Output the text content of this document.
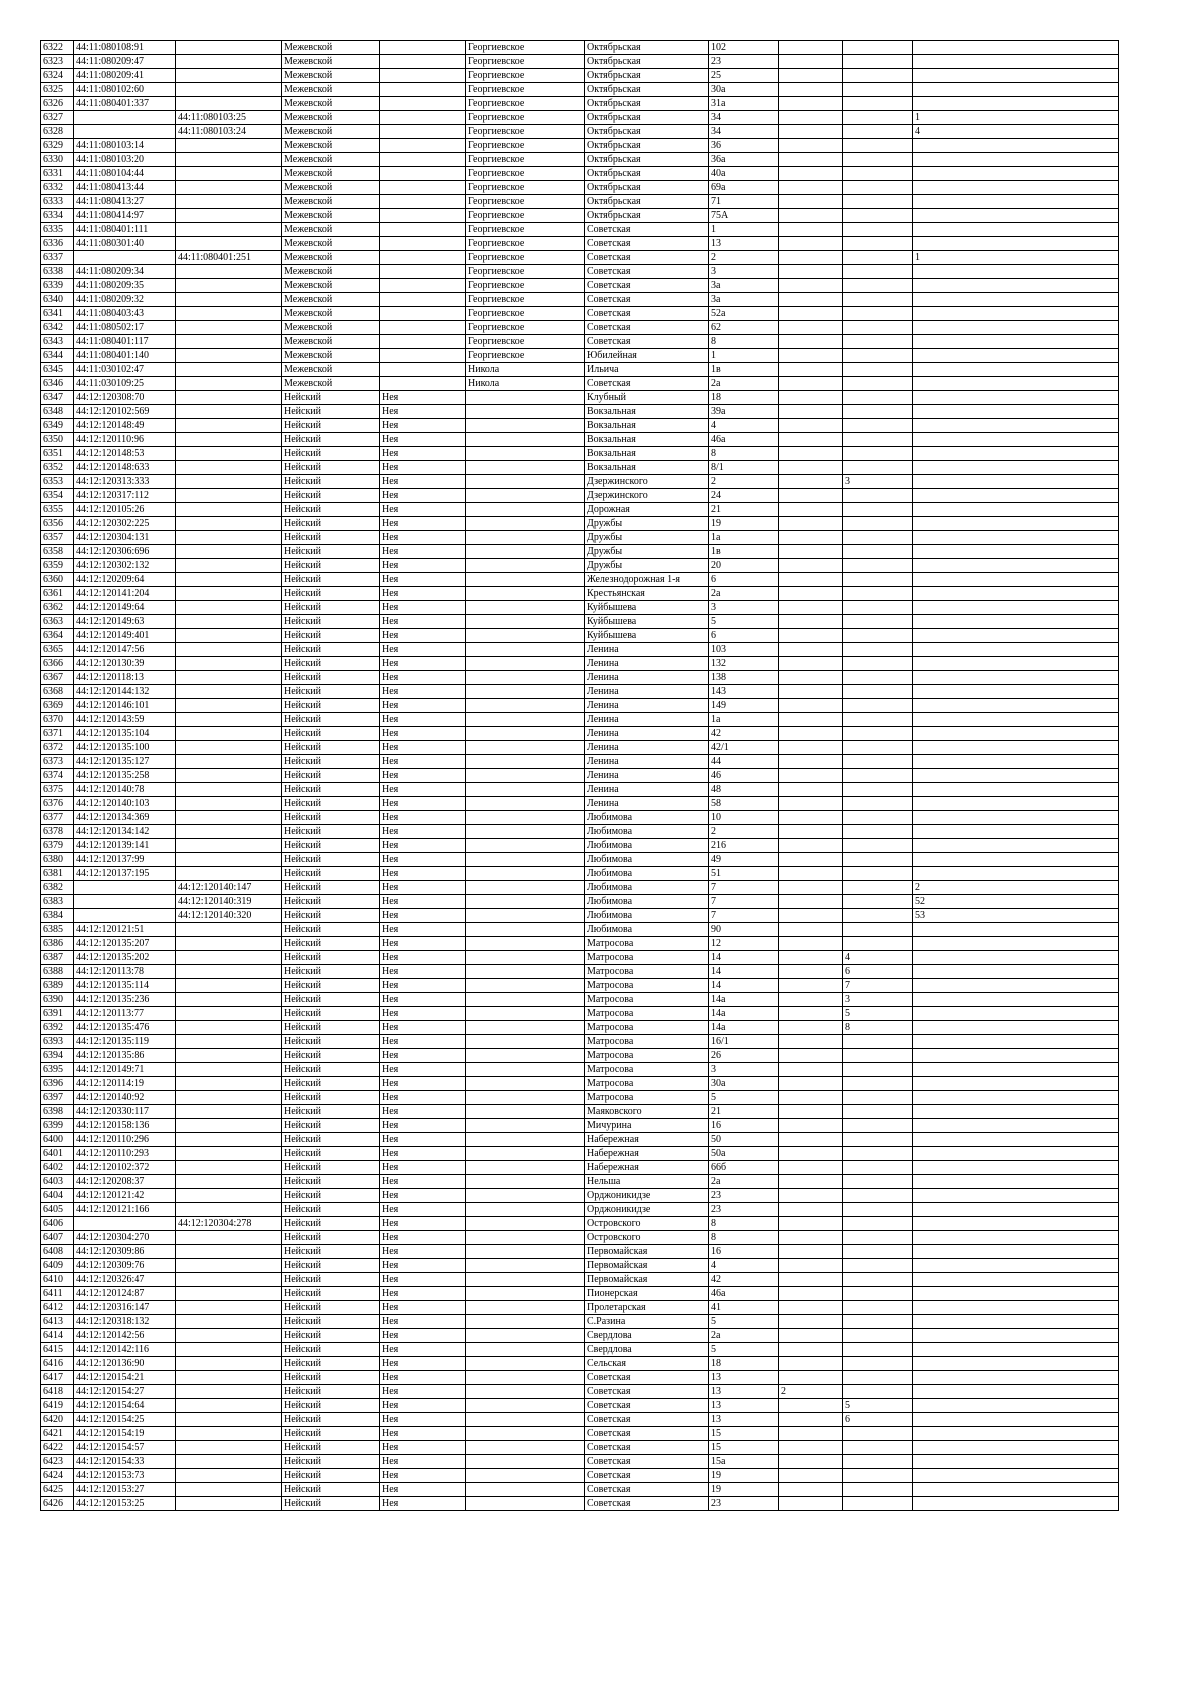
6322	44:11:080108:91		Межевской		Георгиевское	Октябрьская	102			
6323	44:11:080209:47		Межевской		Георгиевское	Октябрьская	23			
6324	44:11:080209:41		Межевской		Георгиевское	Октябрьская	25			
6325	44:11:080102:60		Межевской		Георгиевское	Октябрьская	30а			
6326	44:11:080401:337		Межевской		Георгиевское	Октябрьская	31а			
6327		44:11:080103:25	Межевской		Георгиевское	Октябрьская	34			1
6328		44:11:080103:24	Межевской		Георгиевское	Октябрьская	34			4
6329	44:11:080103:14		Межевской		Георгиевское	Октябрьская	36			
6330	44:11:080103:20		Межевской		Георгиевское	Октябрьская	36а			
6331	44:11:080104:44		Межевской		Георгиевское	Октябрьская	40а			
6332	44:11:080413:44		Межевской		Георгиевское	Октябрьская	69а			
6333	44:11:080413:27		Межевской		Георгиевское	Октябрьская	71			
6334	44:11:080414:97		Межевской		Георгиевское	Октябрьская	75А			
6335	44:11:080401:111		Межевской		Георгиевское	Советская	1			
6336	44:11:080301:40		Межевской		Георгиевское	Советская	13			
6337		44:11:080401:251	Межевской		Георгиевское	Советская	2			1
6338	44:11:080209:34		Межевской		Георгиевское	Советская	3			
6339	44:11:080209:35		Межевской		Георгиевское	Советская	3а			
6340	44:11:080209:32		Межевской		Георгиевское	Советская	3а			
6341	44:11:080403:43		Межевской		Георгиевское	Советская	52а			
6342	44:11:080502:17		Межевской		Георгиевское	Советская	62			
6343	44:11:080401:117		Межевской		Георгиевское	Советская	8			
6344	44:11:080401:140		Межевской		Георгиевское	Юбилейная	1			
6345	44:11:030102:47		Межевской		Никола	Ильича	1в			
6346	44:11:030109:25		Межевской		Никола	Советская	2а			
6347	44:12:120308:70		Нейский	Нея		Клубный	18			
6348	44:12:120102:569		Нейский	Нея		Вокзальная	39а			
6349	44:12:120148:49		Нейский	Нея		Вокзальная	4			
6350	44:12:120110:96		Нейский	Нея		Вокзальная	46а			
6351	44:12:120148:53		Нейский	Нея		Вокзальная	8			
6352	44:12:120148:633		Нейский	Нея		Вокзальная	8/1			
6353	44:12:120313:333		Нейский	Нея		Дзержинского	2		3	
6354	44:12:120317:112		Нейский	Нея		Дзержинского	24			
6355	44:12:120105:26		Нейский	Нея		Дорожная	21			
6356	44:12:120302:225		Нейский	Нея		Дружбы	19			
6357	44:12:120304:131		Нейский	Нея		Дружбы	1а			
6358	44:12:120306:696		Нейский	Нея		Дружбы	1в			
6359	44:12:120302:132		Нейский	Нея		Дружбы	20			
6360	44:12:120209:64		Нейский	Нея		Железнодорожная 1-я	6			
6361	44:12:120141:204		Нейский	Нея		Крестьянская	2а			
6362	44:12:120149:64		Нейский	Нея		Куйбышева	3			
6363	44:12:120149:63		Нейский	Нея		Куйбышева	5			
6364	44:12:120149:401		Нейский	Нея		Куйбышева	6			
6365	44:12:120147:56		Нейский	Нея		Ленина	103			
6366	44:12:120130:39		Нейский	Нея		Ленина	132			
6367	44:12:120118:13		Нейский	Нея		Ленина	138			
6368	44:12:120144:132		Нейский	Нея		Ленина	143			
6369	44:12:120146:101		Нейский	Нея		Ленина	149			
6370	44:12:120143:59		Нейский	Нея		Ленина	1а			
6371	44:12:120135:104		Нейский	Нея		Ленина	42			
6372	44:12:120135:100		Нейский	Нея		Ленина	42/1			
6373	44:12:120135:127		Нейский	Нея		Ленина	44			
6374	44:12:120135:258		Нейский	Нея		Ленина	46			
6375	44:12:120140:78		Нейский	Нея		Ленина	48			
6376	44:12:120140:103		Нейский	Нея		Ленина	58			
6377	44:12:120134:369		Нейский	Нея		Любимова	10			
6378	44:12:120134:142		Нейский	Нея		Любимова	2			
6379	44:12:120139:141		Нейский	Нея		Любимова	216			
6380	44:12:120137:99		Нейский	Нея		Любимова	49			
6381	44:12:120137:195		Нейский	Нея		Любимова	51			
6382		44:12:120140:147	Нейский	Нея		Любимова	7			2
6383		44:12:120140:319	Нейский	Нея		Любимова	7			52
6384		44:12:120140:320	Нейский	Нея		Любимова	7			53
6385	44:12:120121:51		Нейский	Нея		Любимова	90			
6386	44:12:120135:207		Нейский	Нея		Матросова	12			
6387	44:12:120135:202		Нейский	Нея		Матросова	14		4	
6388	44:12:120113:78		Нейский	Нея		Матросова	14		6	
6389	44:12:120135:114		Нейский	Нея		Матросова	14		7	
6390	44:12:120135:236		Нейский	Нея		Матросова	14а		3	
6391	44:12:120113:77		Нейский	Нея		Матросова	14а		5	
6392	44:12:120135:476		Нейский	Нея		Матросова	14а		8	
6393	44:12:120135:119		Нейский	Нея		Матросова	16/1			
6394	44:12:120135:86		Нейский	Нея		Матросова	26			
6395	44:12:120149:71		Нейский	Нея		Матросова	3			
6396	44:12:120114:19		Нейский	Нея		Матросова	30а			
6397	44:12:120140:92		Нейский	Нея		Матросова	5			
6398	44:12:120330:117		Нейский	Нея		Маяковского	21			
6399	44:12:120158:136		Нейский	Нея		Мичурина	16			
6400	44:12:120110:296		Нейский	Нея		Набережная	50			
6401	44:12:120110:293		Нейский	Нея		Набережная	50а			
6402	44:12:120102:372		Нейский	Нея		Набережная	66б			
6403	44:12:120208:37		Нейский	Нея		Нельша	2а			
6404	44:12:120121:42		Нейский	Нея		Орджоникидзе	23			
6405	44:12:120121:166		Нейский	Нея		Орджоникидзе	23			
6406		44:12:120304:278	Нейский	Нея		Островского	8			
6407	44:12:120304:270		Нейский	Нея		Островского	8			
6408	44:12:120309:86		Нейский	Нея		Первомайская	16			
6409	44:12:120309:76		Нейский	Нея		Первомайская	4			
6410	44:12:120326:47		Нейский	Нея		Первомайская	42			
6411	44:12:120124:87		Нейский	Нея		Пионерская	46а			
6412	44:12:120316:147		Нейский	Нея		Пролетарская	41			
6413	44:12:120318:132		Нейский	Нея		С.Разина	5			
6414	44:12:120142:56		Нейский	Нея		Свердлова	2а			
6415	44:12:120142:116		Нейский	Нея		Свердлова	5			
6416	44:12:120136:90		Нейский	Нея		Сельская	18			
6417	44:12:120154:21		Нейский	Нея		Советская	13			
6418	44:12:120154:27		Нейский	Нея		Советская	13	2		
6419	44:12:120154:64		Нейский	Нея		Советская	13		5	
6420	44:12:120154:25		Нейский	Нея		Советская	13		6	
6421	44:12:120154:19		Нейский	Нея		Советская	15			
6422	44:12:120154:57		Нейский	Нея		Советская	15			
6423	44:12:120154:33		Нейский	Нея		Советская	15а			
6424	44:12:120153:73		Нейский	Нея		Советская	19			
6425	44:12:120153:27		Нейский	Нея		Советская	19			
6426	44:12:120153:25		Нейский	Нея		Советская	23			
